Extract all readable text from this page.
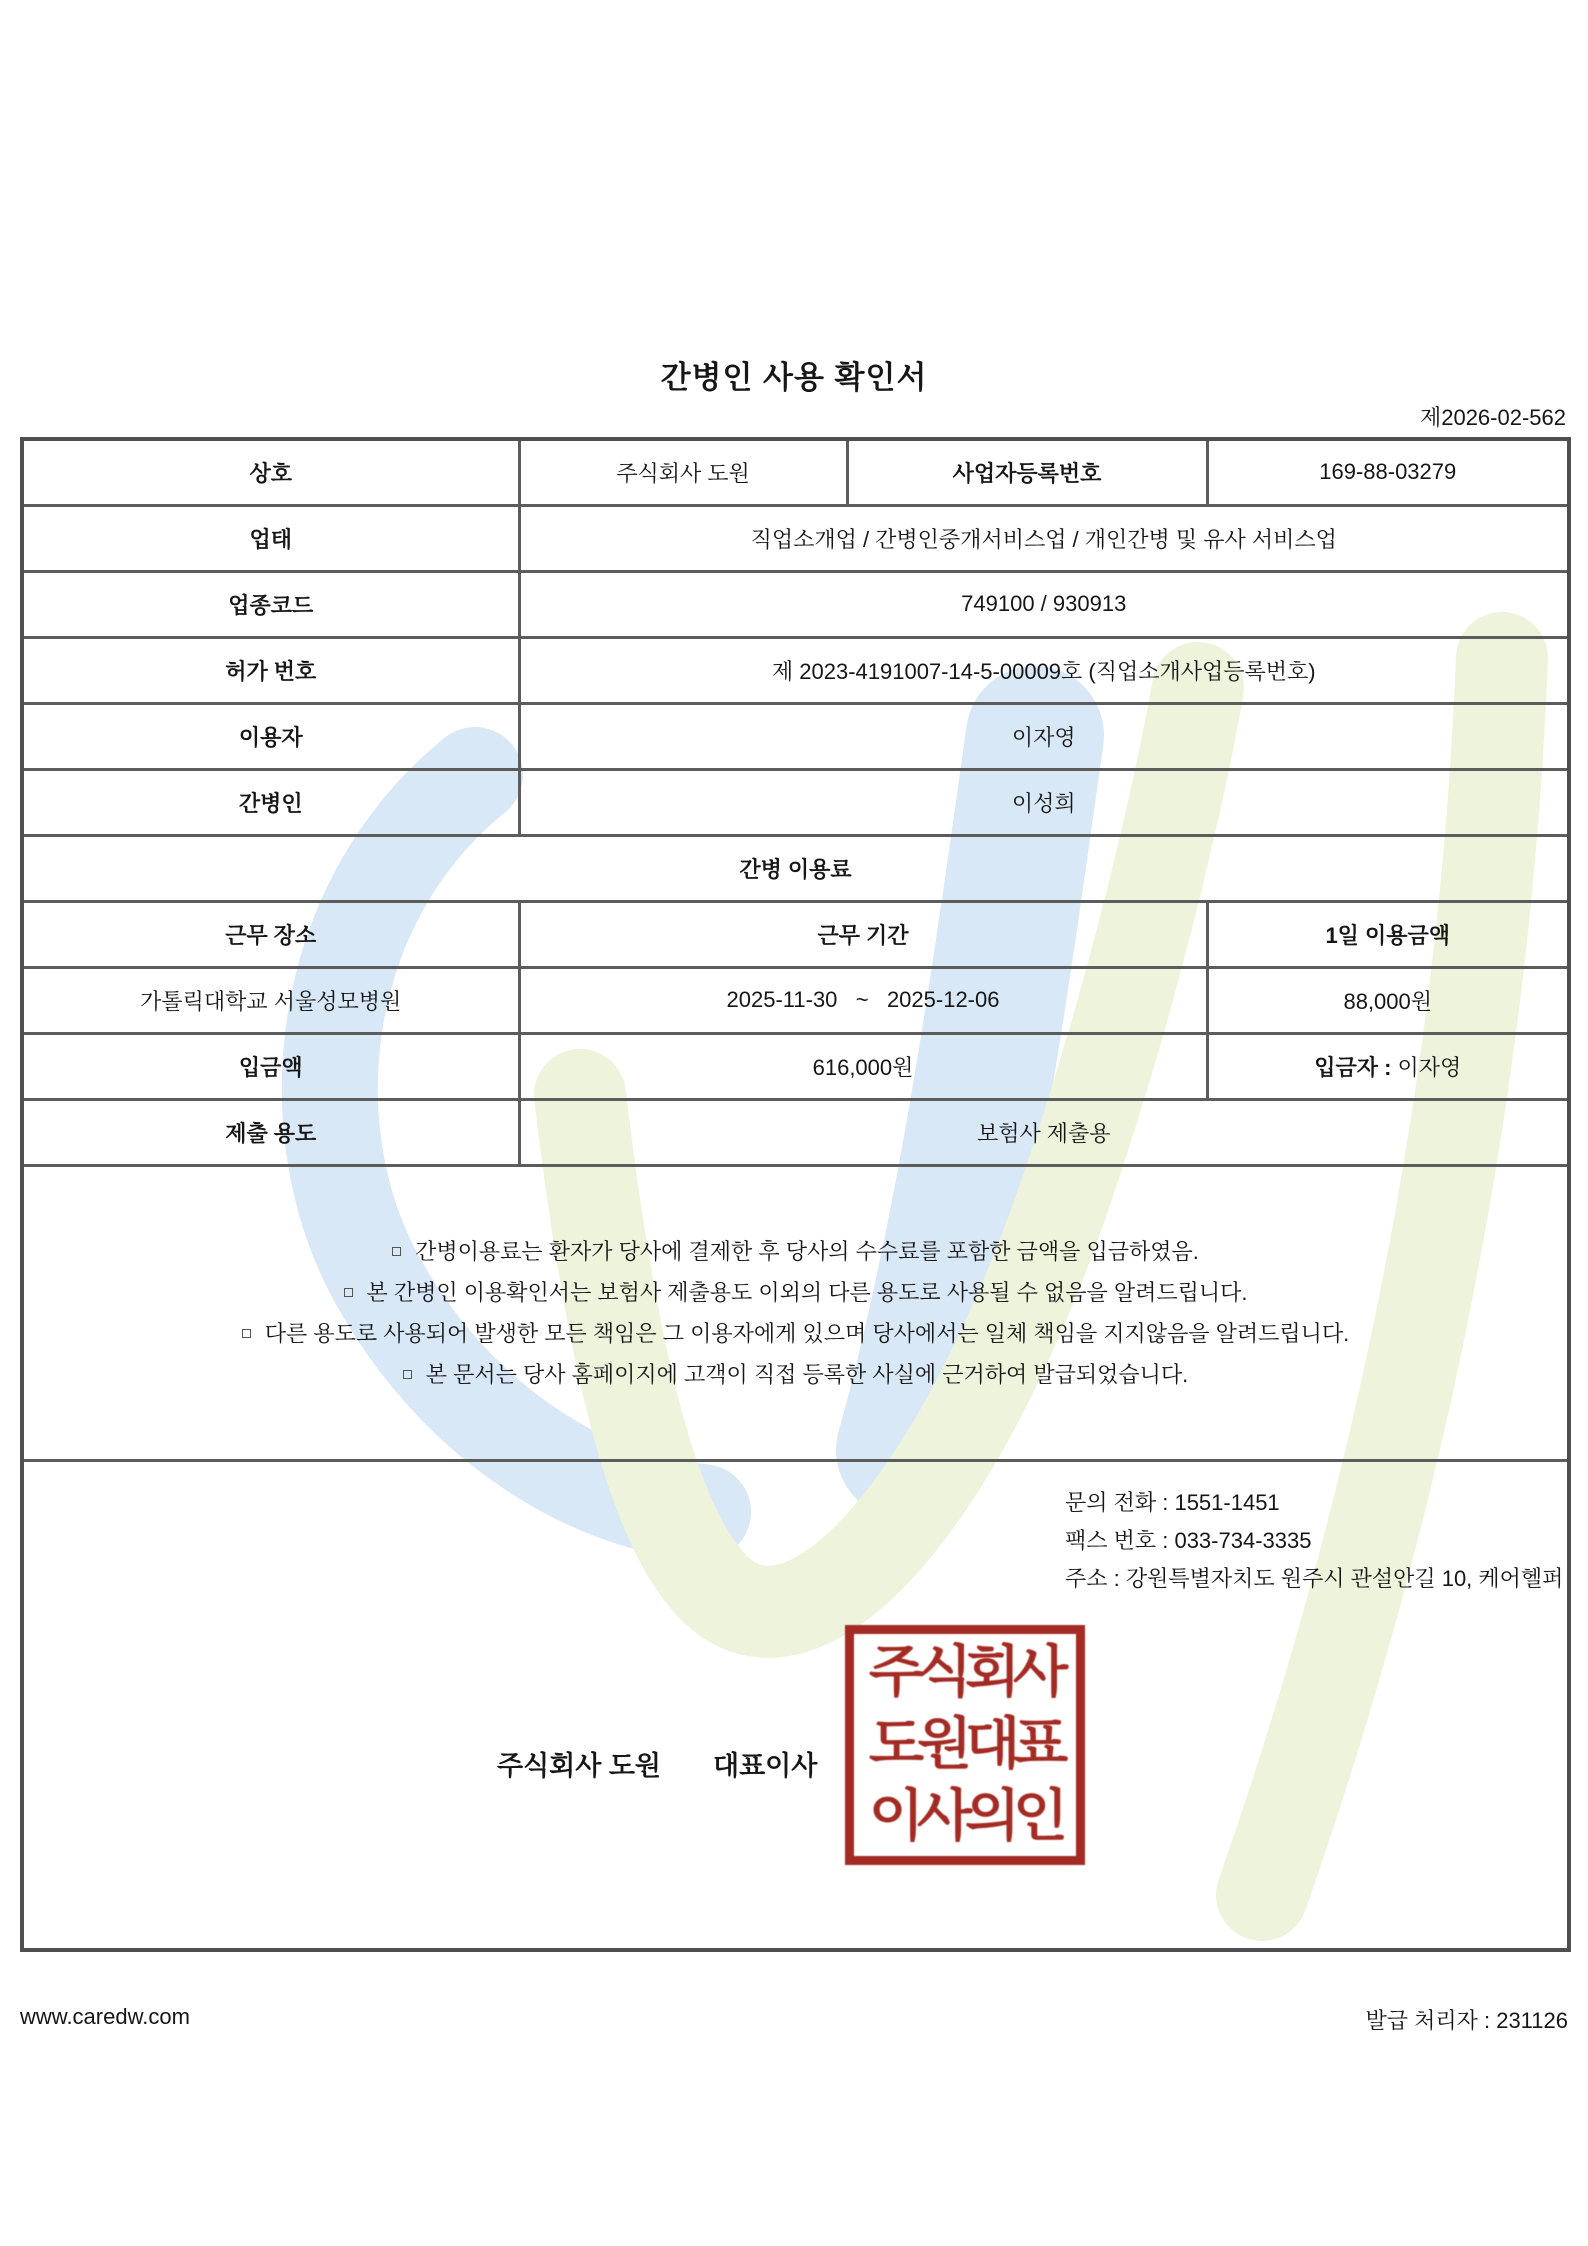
간병인 사용 확인서
제2026-02-562
상호	주식회사 도원	사업자등록번호	169-88-03279
업태	직업소개업 / 간병인중개서비스업 / 개인간병 및 유사 서비스업		
업종코드	749100 / 930913		
허가 번호	제 2023-4191007-14-5-00009호 (직업소개사업등록번호)		
이용자	이자영		
간병인	이성희		
간병 이용료			
근무 장소	근무 기간		1일 이용금액
가톨릭대학교 서울성모병원	2025-11-30   ~   2025-12-06		88,000원
입금액	616,000원		입금자 : 이자영
제출 용도	보험사 제출용		

간병이용료는 환자가 당사에 결제한 후 당사의 수수료를 포함한 금액을 입금하였음.
본 간병인 이용확인서는 보험사 제출용도 이외의 다른 용도로 사용될 수 없음을 알려드립니다.
다른 용도로 사용되어 발생한 모든 책임은 그 이용자에게 있으며 당사에서는 일체 책임을 지지않음을 알려드립니다.
본 문서는 당사 홈페이지에 고객이 직접 등록한 사실에 근거하여 발급되었습니다.			

문의 전화 : 1551-1451
팩스 번호 : 033-734-3335
주소 : 강원특별자치도 원주시 관설안길 10, 케어헬퍼
주식회사 도원 대표이사
주식회사
도원대표
이사의인
www.caredw.com	발급 처리자 : 231126
